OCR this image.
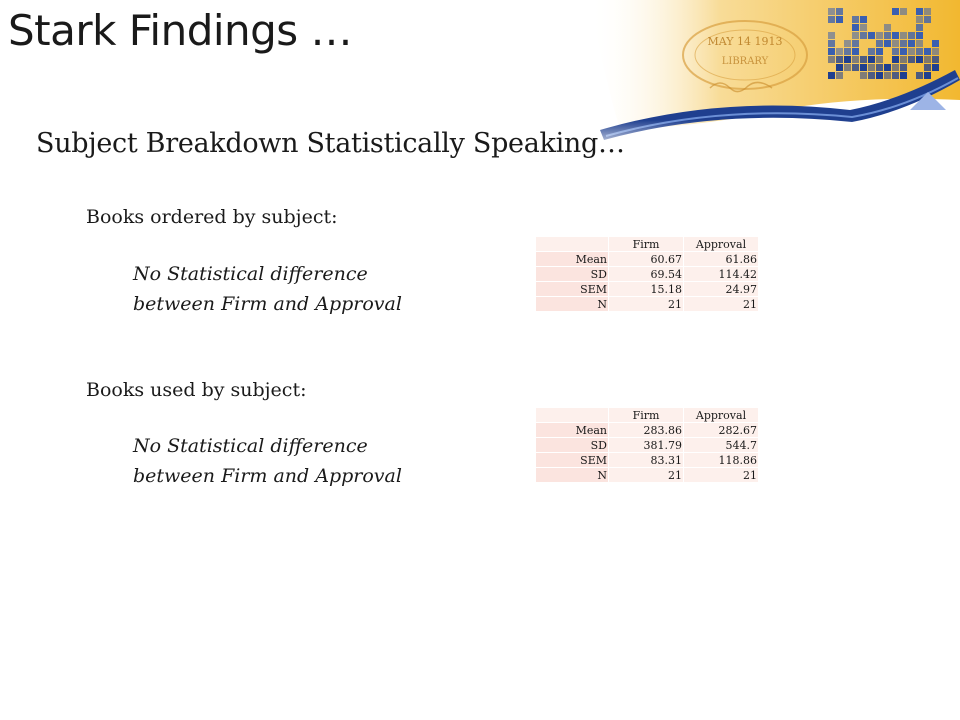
MAY 14 1913
LIBRARY
Stark Findings …
Subject Breakdown Statistically Speaking…
Books ordered by subject:
No Statistical difference
between Firm and Approval
	Firm	Approval
Mean	60.67	61.86
SD	69.54	114.42
SEM	15.18	24.97
N	21	21
Books used by subject:
No Statistical difference
between Firm and Approval
	Firm	Approval
Mean	283.86	282.67
SD	381.79	544.7
SEM	83.31	118.86
N	21	21
